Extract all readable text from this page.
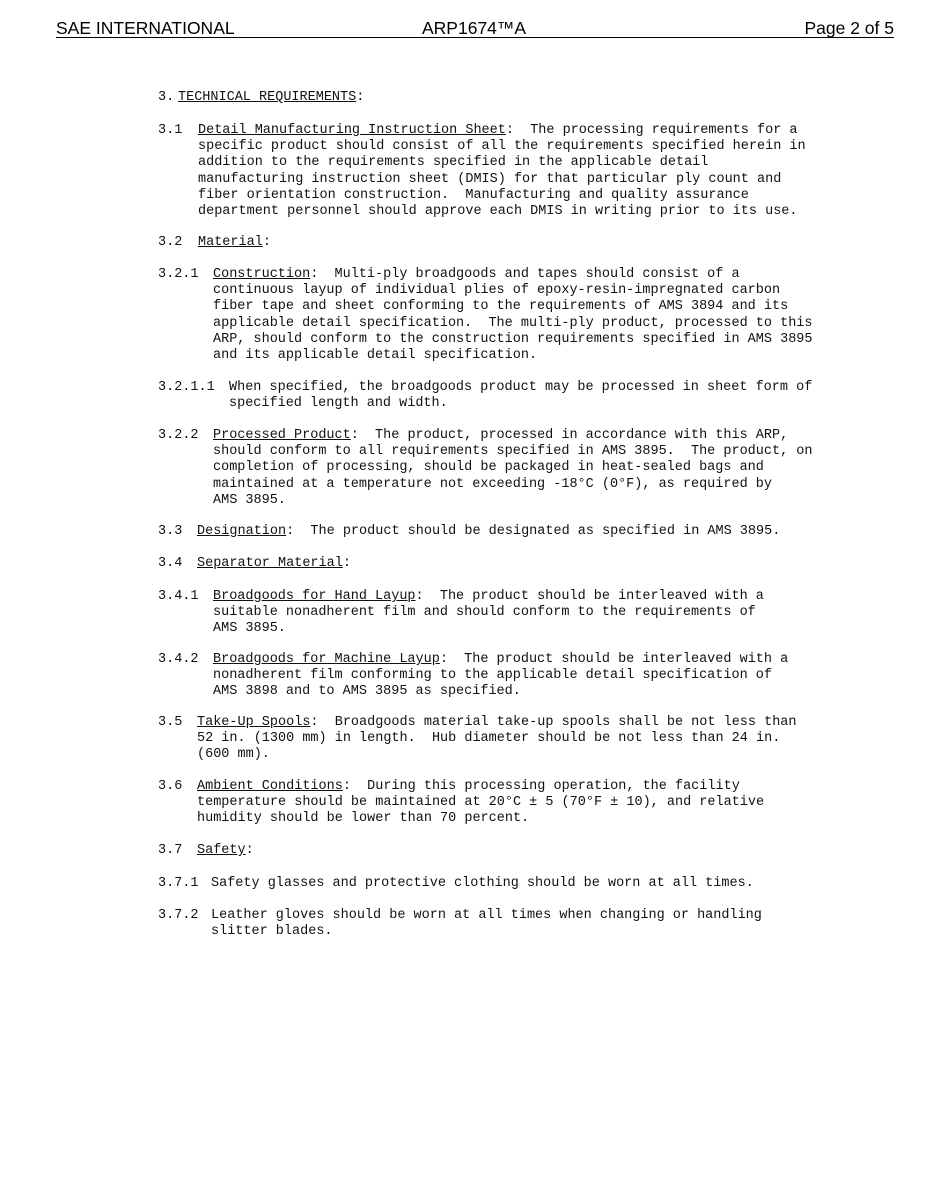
SAE INTERNATIONAL	ARP1674™A	Page 2 of 5
3. TECHNICAL REQUIREMENTS:
3.1 Detail Manufacturing Instruction Sheet:  The processing requirements for a
specific product should consist of all the requirements specified herein in
addition to the requirements specified in the applicable detail
manufacturing instruction sheet (DMIS) for that particular ply count and
fiber orientation construction.  Manufacturing and quality assurance
department personnel should approve each DMIS in writing prior to its use.
3.2 Material:
3.2.1 Construction:  Multi-ply broadgoods and tapes should consist of a
continuous layup of individual plies of epoxy-resin-impregnated carbon
fiber tape and sheet conforming to the requirements of AMS 3894 and its
applicable detail specification.  The multi-ply product, processed to this
ARP, should conform to the construction requirements specified in AMS 3895
and its applicable detail specification.
3.2.1.1 When specified, the broadgoods product may be processed in sheet form of
specified length and width.
3.2.2 Processed Product:  The product, processed in accordance with this ARP,
should conform to all requirements specified in AMS 3895.  The product, on
completion of processing, should be packaged in heat-sealed bags and
maintained at a temperature not exceeding -18°C (0°F), as required by
AMS 3895.
3.3 Designation:  The product should be designated as specified in AMS 3895.
3.4 Separator Material:
3.4.1 Broadgoods for Hand Layup:  The product should be interleaved with a
suitable nonadherent film and should conform to the requirements of
AMS 3895.
3.4.2 Broadgoods for Machine Layup:  The product should be interleaved with a
nonadherent film conforming to the applicable detail specification of
AMS 3898 and to AMS 3895 as specified.
3.5 Take-Up Spools:  Broadgoods material take-up spools shall be not less than
52 in. (1300 mm) in length.  Hub diameter should be not less than 24 in.
(600 mm).
3.6 Ambient Conditions:  During this processing operation, the facility
temperature should be maintained at 20°C ± 5 (70°F ± 10), and relative
humidity should be lower than 70 percent.
3.7 Safety:
3.7.1 Safety glasses and protective clothing should be worn at all times.
3.7.2 Leather gloves should be worn at all times when changing or handling
slitter blades.
